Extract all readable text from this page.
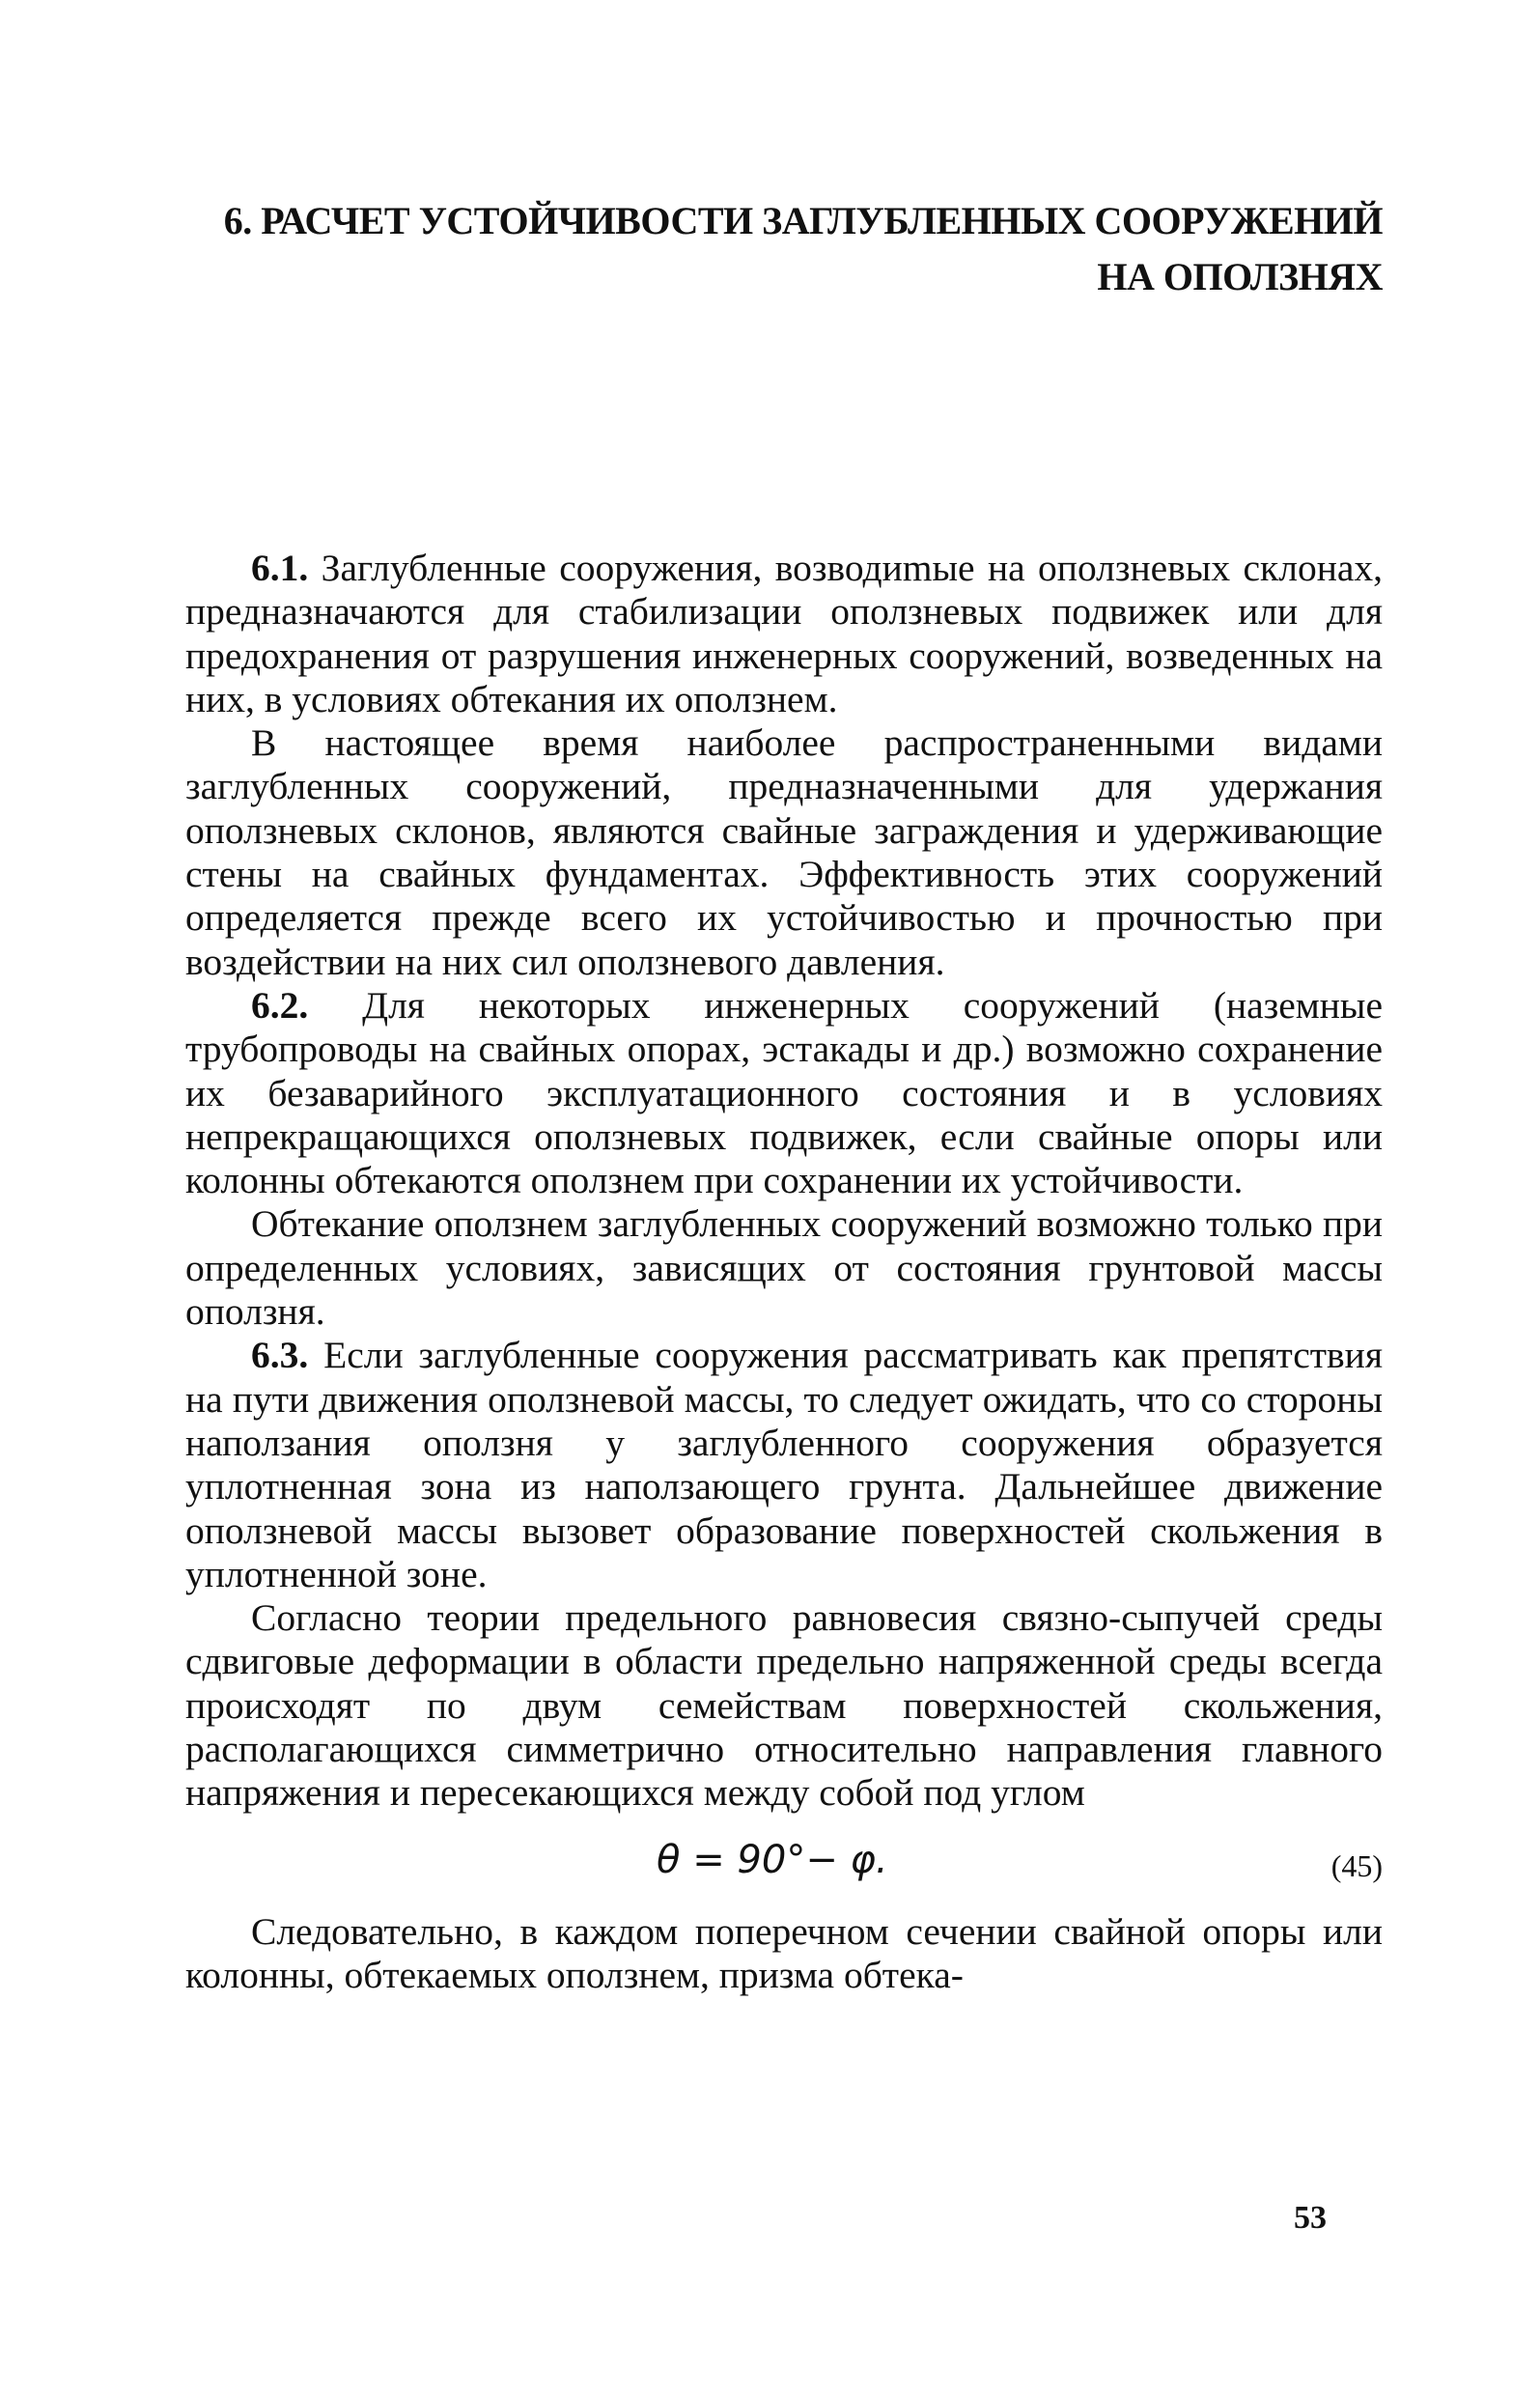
6. РАСЧЕТ УСТОЙЧИВОСТИ ЗАГЛУБЛЕННЫХ СООРУЖЕНИЙ
НА ОПОЛЗНЯХ

6.1. Заглубленные сооружения, возводиmые на оползневых склонах, предназначаются для стабилизации оползневых подвижек или для предохранения от разрушения инженерных сооружений, возведенных на них, в условиях обтекания их оползнем.

В настоящее время наиболее распространенными видами заглубленных сооружений, предназначенными для удержания оползневых склонов, являются свайные заграждения и удерживающие стены на свайных фундаментах. Эффективность этих сооружений определяется прежде всего их устойчивостью и прочностью при воздействии на них сил оползневого давления.

6.2. Для некоторых инженерных сооружений (наземные трубопроводы на свайных опорах, эстакады и др.) возможно сохранение их безаварийного эксплуатационного состояния и в условиях непрекращающихся оползневых подвижек, если свайные опоры или колонны обтекаются оползнем при сохранении их устойчивости.

Обтекание оползнем заглубленных сооружений возможно только при определенных условиях, зависящих от состояния грунтовой массы оползня.

6.3. Если заглубленные сооружения рассматривать как препятствия на пути движения оползневой массы, то следует ожидать, что со стороны наползания оползня у заглубленного сооружения образуется уплотненная зона из наползающего грунта. Дальнейшее движение оползневой массы вызовет образование поверхностей скольжения в уплотненной зоне.

Согласно теории предельного равновесия связно-сыпучей среды сдвиговые деформации в области предельно напряженной среды всегда происходят по двум семействам поверхностей скольжения, располагающихся симметрично относительно направления главного напряжения и пересекающихся между собой под углом

θ = 90°− φ.	(45)

Следовательно, в каждом поперечном сечении свайной опоры или колонны, обтекаемых оползнем, призма обтека-

53
